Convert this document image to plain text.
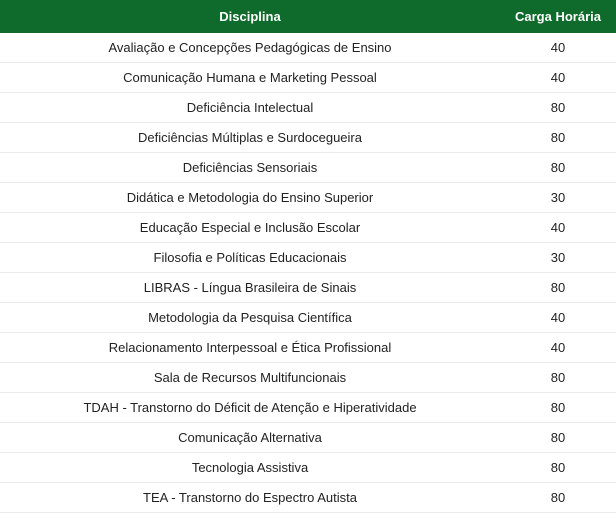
Disciplina	Carga Horária
Avaliação e Concepções Pedagógicas de Ensino	40
Comunicação Humana e Marketing Pessoal	40
Deficiência Intelectual	80
Deficiências Múltiplas e Surdocegueira	80
Deficiências Sensoriais	80
Didática e Metodologia do Ensino Superior	30
Educação Especial e Inclusão Escolar	40
Filosofia e Políticas Educacionais	30
LIBRAS - Língua Brasileira de Sinais	80
Metodologia da Pesquisa Científica	40
Relacionamento Interpessoal e Ética Profissional	40
Sala de Recursos Multifuncionais	80
TDAH - Transtorno do Déficit de Atenção e Hiperatividade	80
Comunicação Alternativa	80
Tecnologia Assistiva	80
TEA - Transtorno do Espectro Autista	80
